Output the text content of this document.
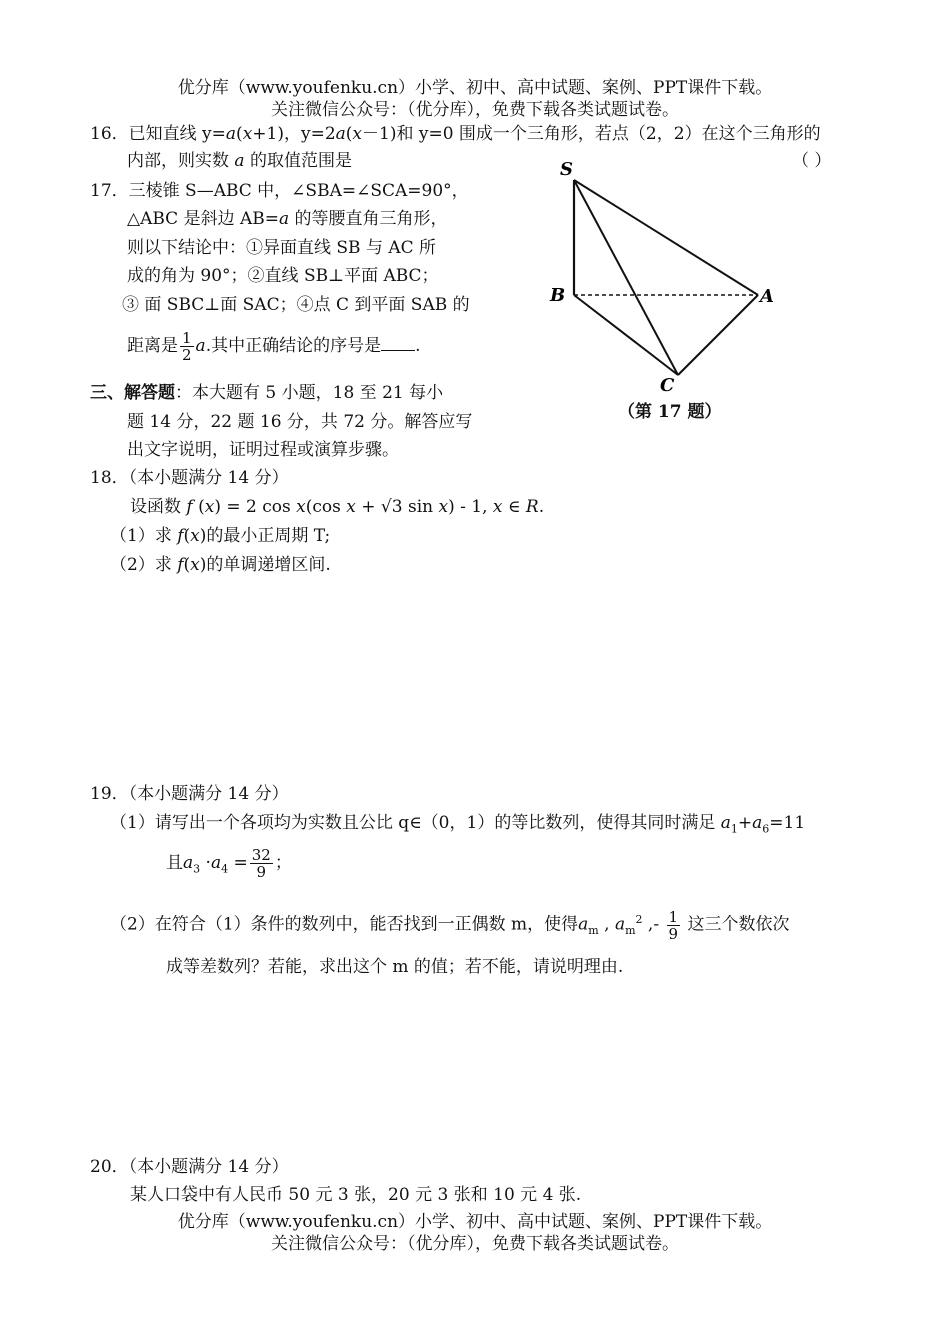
优分库（www.youfenku.cn）小学、初中、高中试题、案例、PPT课件下载。
关注微信公众号：（优分库），免费下载各类试题试卷。
16．已知直线 y=a(x+1)，y=2a(x－1)和 y=0 围成一个三角形，若点（2，2）在这个三角形的
内部，则实数 a 的取值范围是	（ ）
17．三棱锥 S—ABC 中，∠SBA=∠SCA=90°，
△ABC 是斜边 AB=a 的等腰直角三角形，
则以下结论中：①异面直线 SB 与 AC 所
成的角为 90°；②直线 SB⊥平面 ABC；
③ 面 SBC⊥面 SAC；④点 C 到平面 SAB 的
距离是 $\frac{1}{2} a$.其中正确结论的序号是 .
S
B	A
C
（第 17 题）
三、解答题：本大题有 5 小题，18 至 21 每小
题 14 分，22 题 16 分，共 72 分。解答应写
出文字说明，证明过程或演算步骤。
18．（本小题满分 14 分）
设函数 f (x) = 2 cos x(cos x + √3 sin x) - 1, x ∈ R.
（1）求 f(x)的最小正周期 T;
（2）求 f(x)的单调递增区间.
19．（本小题满分 14 分）
（1）请写出一个各项均为实数且公比 q∈（0，1）的等比数列，使得其同时满足 $a_1+a_6=11$
且$a_3 \cdot a_4 = \frac{32}{9}$ ；
（2）在符合（1）条件的数列中，能否找到一正偶数 m，使得$a_m$ , $a_m^2$ ,- $\frac{1}{9}$ 这三个数依次
成等差数列？若能，求出这个 m 的值；若不能，请说明理由.
20．（本小题满分 14 分）
某人口袋中有人民币 50 元 3 张，20 元 3 张和 10 元 4 张.
优分库（www.youfenku.cn）小学、初中、高中试题、案例、PPT课件下载。
关注微信公众号：（优分库），免费下载各类试题试卷。
